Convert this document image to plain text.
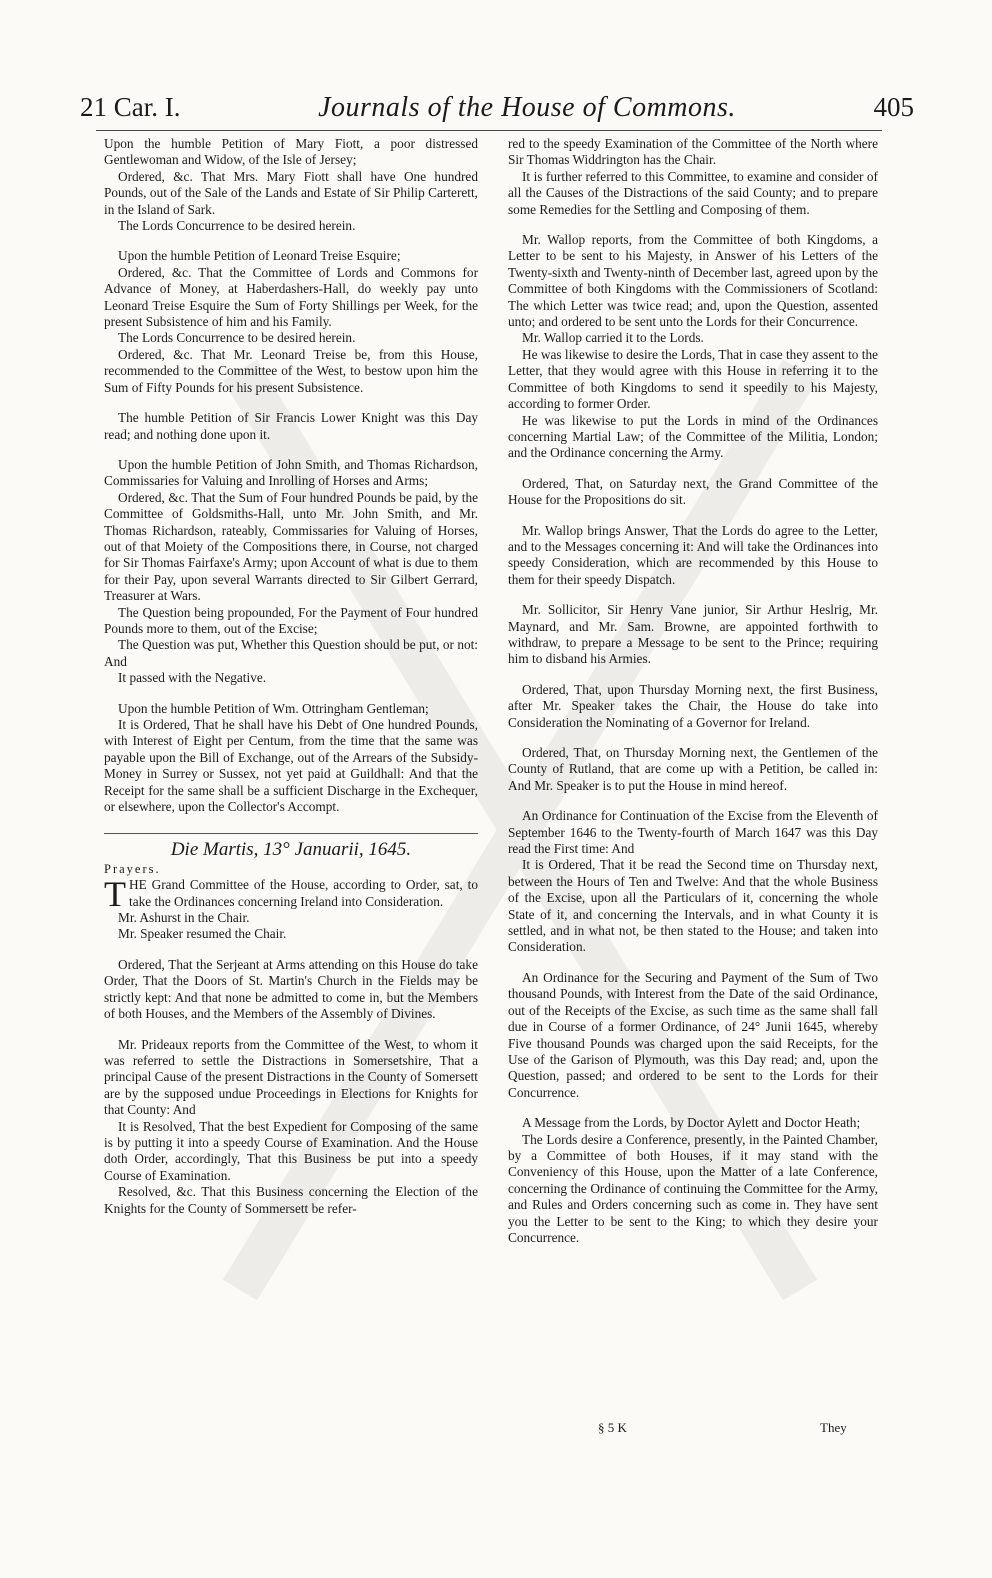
21 Car. I.	Journals of the House of Commons.	405

Upon the humble Petition of Mary Fiott, a poor distressed Gentlewoman and Widow, of the Isle of Jersey;

Ordered, &c. That Mrs. Mary Fiott shall have One hundred Pounds, out of the Sale of the Lands and Estate of Sir Philip Carterett, in the Island of Sark.

The Lords Concurrence to be desired herein.

Upon the humble Petition of Leonard Treise Esquire;

Ordered, &c. That the Committee of Lords and Commons for Advance of Money, at Haberdashers-Hall, do weekly pay unto Leonard Treise Esquire the Sum of Forty Shillings per Week, for the present Subsistence of him and his Family.

The Lords Concurrence to be desired herein.

Ordered, &c. That Mr. Leonard Treise be, from this House, recommended to the Committee of the West, to bestow upon him the Sum of Fifty Pounds for his present Subsistence.

The humble Petition of Sir Francis Lower Knight was this Day read; and nothing done upon it.

Upon the humble Petition of John Smith, and Thomas Richardson, Commissaries for Valuing and Inrolling of Horses and Arms;

Ordered, &c. That the Sum of Four hundred Pounds be paid, by the Committee of Goldsmiths-Hall, unto Mr. John Smith, and Mr. Thomas Richardson, rateably, Commissaries for Valuing of Horses, out of that Moiety of the Compositions there, in Course, not charged for Sir Thomas Fairfaxe's Army; upon Account of what is due to them for their Pay, upon several Warrants directed to Sir Gilbert Gerrard, Treasurer at Wars.

The Question being propounded, For the Payment of Four hundred Pounds more to them, out of the Excise;

The Question was put, Whether this Question should be put, or not: And

It passed with the Negative.

Upon the humble Petition of Wm. Ottringham Gentleman;

It is Ordered, That he shall have his Debt of One hundred Pounds, with Interest of Eight per Centum, from the time that the same was payable upon the Bill of Exchange, out of the Arrears of the Subsidy-Money in Surrey or Sussex, not yet paid at Guildhall: And that the Receipt for the same shall be a sufficient Discharge in the Exchequer, or elsewhere, upon the Collector's Accompt.

Die Martis, 13° Januarii, 1645.

Prayers.

THE Grand Committee of the House, according to Order, sat, to take the Ordinances concerning Ireland into Consideration.

Mr. Ashurst in the Chair.

Mr. Speaker resumed the Chair.

Ordered, That the Serjeant at Arms attending on this House do take Order, That the Doors of St. Martin's Church in the Fields may be strictly kept: And that none be admitted to come in, but the Members of both Houses, and the Members of the Assembly of Divines.

Mr. Prideaux reports from the Committee of the West, to whom it was referred to settle the Distractions in Somersetshire, That a principal Cause of the present Distractions in the County of Somersett are by the supposed undue Proceedings in Elections for Knights for that County: And

It is Resolved, That the best Expedient for Composing of the same is by putting it into a speedy Course of Examination. And the House doth Order, accordingly, That this Business be put into a speedy Course of Examination.

Resolved, &c. That this Business concerning the Election of the Knights for the County of Sommersett be refer-

red to the speedy Examination of the Committee of the North where Sir Thomas Widdrington has the Chair.

It is further referred to this Committee, to examine and consider of all the Causes of the Distractions of the said County; and to prepare some Remedies for the Settling and Composing of them.

Mr. Wallop reports, from the Committee of both Kingdoms, a Letter to be sent to his Majesty, in Answer of his Letters of the Twenty-sixth and Twenty-ninth of December last, agreed upon by the Committee of both Kingdoms with the Commissioners of Scotland: The which Letter was twice read; and, upon the Question, assented unto; and ordered to be sent unto the Lords for their Concurrence.

Mr. Wallop carried it to the Lords.

He was likewise to desire the Lords, That in case they assent to the Letter, that they would agree with this House in referring it to the Committee of both Kingdoms to send it speedily to his Majesty, according to former Order.

He was likewise to put the Lords in mind of the Ordinances concerning Martial Law; of the Committee of the Militia, London; and the Ordinance concerning the Army.

Ordered, That, on Saturday next, the Grand Committee of the House for the Propositions do sit.

Mr. Wallop brings Answer, That the Lords do agree to the Letter, and to the Messages concerning it: And will take the Ordinances into speedy Consideration, which are recommended by this House to them for their speedy Dispatch.

Mr. Sollicitor, Sir Henry Vane junior, Sir Arthur Heslrig, Mr. Maynard, and Mr. Sam. Browne, are appointed forthwith to withdraw, to prepare a Message to be sent to the Prince; requiring him to disband his Armies.

Ordered, That, upon Thursday Morning next, the first Business, after Mr. Speaker takes the Chair, the House do take into Consideration the Nominating of a Governor for Ireland.

Ordered, That, on Thursday Morning next, the Gentlemen of the County of Rutland, that are come up with a Petition, be called in: And Mr. Speaker is to put the House in mind hereof.

An Ordinance for Continuation of the Excise from the Eleventh of September 1646 to the Twenty-fourth of March 1647 was this Day read the First time: And

It is Ordered, That it be read the Second time on Thursday next, between the Hours of Ten and Twelve: And that the whole Business of the Excise, upon all the Particulars of it, concerning the whole State of it, and concerning the Intervals, and in what County it is settled, and in what not, be then stated to the House; and taken into Consideration.

An Ordinance for the Securing and Payment of the Sum of Two thousand Pounds, with Interest from the Date of the said Ordinance, out of the Receipts of the Excise, as such time as the same shall fall due in Course of a former Ordinance, of 24° Junii 1645, whereby Five thousand Pounds was charged upon the said Receipts, for the Use of the Garison of Plymouth, was this Day read; and, upon the Question, passed; and ordered to be sent to the Lords for their Concurrence.

A Message from the Lords, by Doctor Aylett and Doctor Heath;

The Lords desire a Conference, presently, in the Painted Chamber, by a Committee of both Houses, if it may stand with the Conveniency of this House, upon the Matter of a late Conference, concerning the Ordinance of continuing the Committee for the Army, and Rules and Orders concerning such as come in. They have sent you the Letter to be sent to the King; to which they desire your Concurrence.

§ 5 K	They
